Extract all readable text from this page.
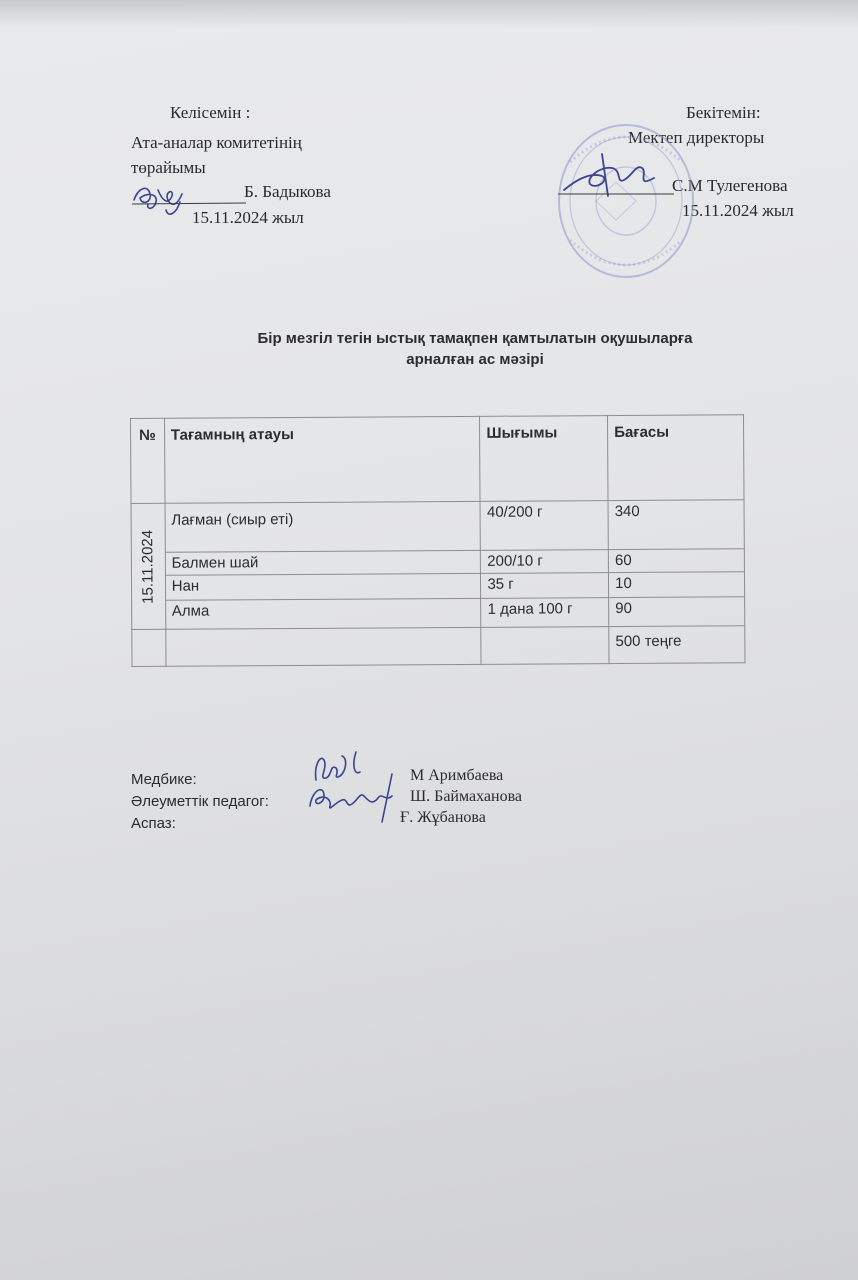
Келісемін :
Ата-аналар комитетінің
төрайымы
Б. Бадыкова
15.11.2024 жыл
Бекітемін:
Мектеп директоры
С.М Тулегенова
15.11.2024 жыл
Бір мезгіл тегін ыстық тамақпен қамтылатын оқушыларға
арналған ас мәзірі
№	Тағамның атауы	Шығымы	Бағасы

15.11.2024	Лағман (сиыр еті)	40/200 г	340
	Балмен шай	200/10 г	60
	Нан	35 г	10
	Алма	1 дана 100 г	90
			500 теңге
Медбике:
Әлеуметтік педагог:
Аспаз:
М Аримбаева
Ш. Баймаханова
Ғ. Жұбанова
